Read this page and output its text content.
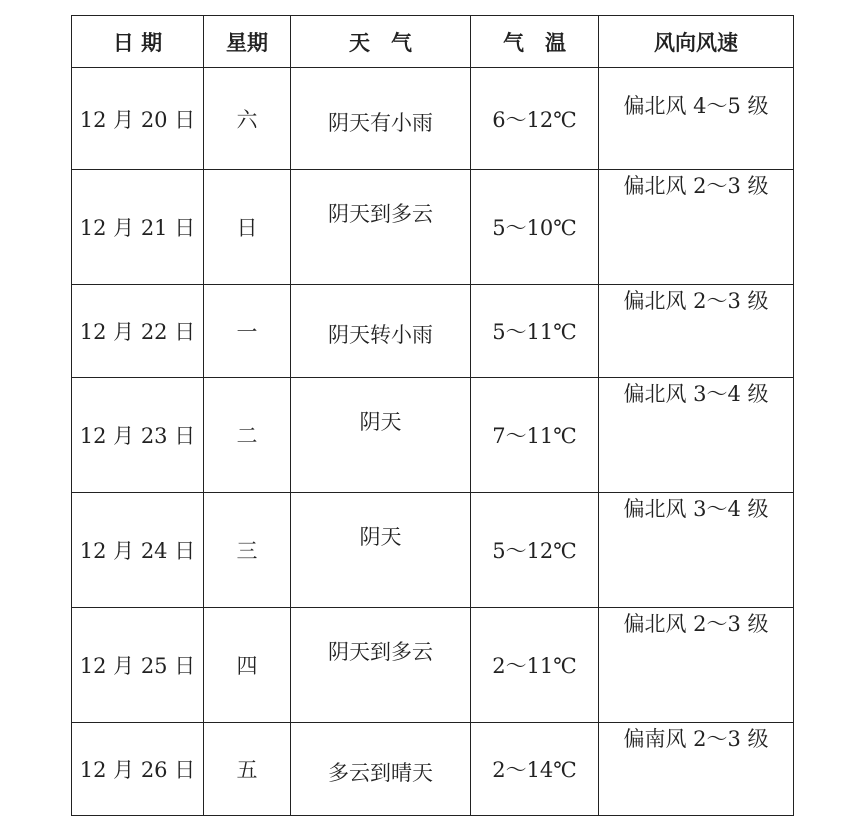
日 期	星期	天　气	气　温	风向风速
12 月 20 日	六	阴天有小雨	6～12℃	偏北风 4～5 级
12 月 21 日	日	阴天到多云	5～10℃	偏北风 2～3 级
12 月 22 日	一	阴天转小雨	5～11℃	偏北风 2～3 级
12 月 23 日	二	阴天	7～11℃	偏北风 3～4 级
12 月 24 日	三	阴天	5～12℃	偏北风 3～4 级
12 月 25 日	四	阴天到多云	2～11℃	偏北风 2～3 级
12 月 26 日	五	多云到晴天	2～14℃	偏南风 2～3 级
